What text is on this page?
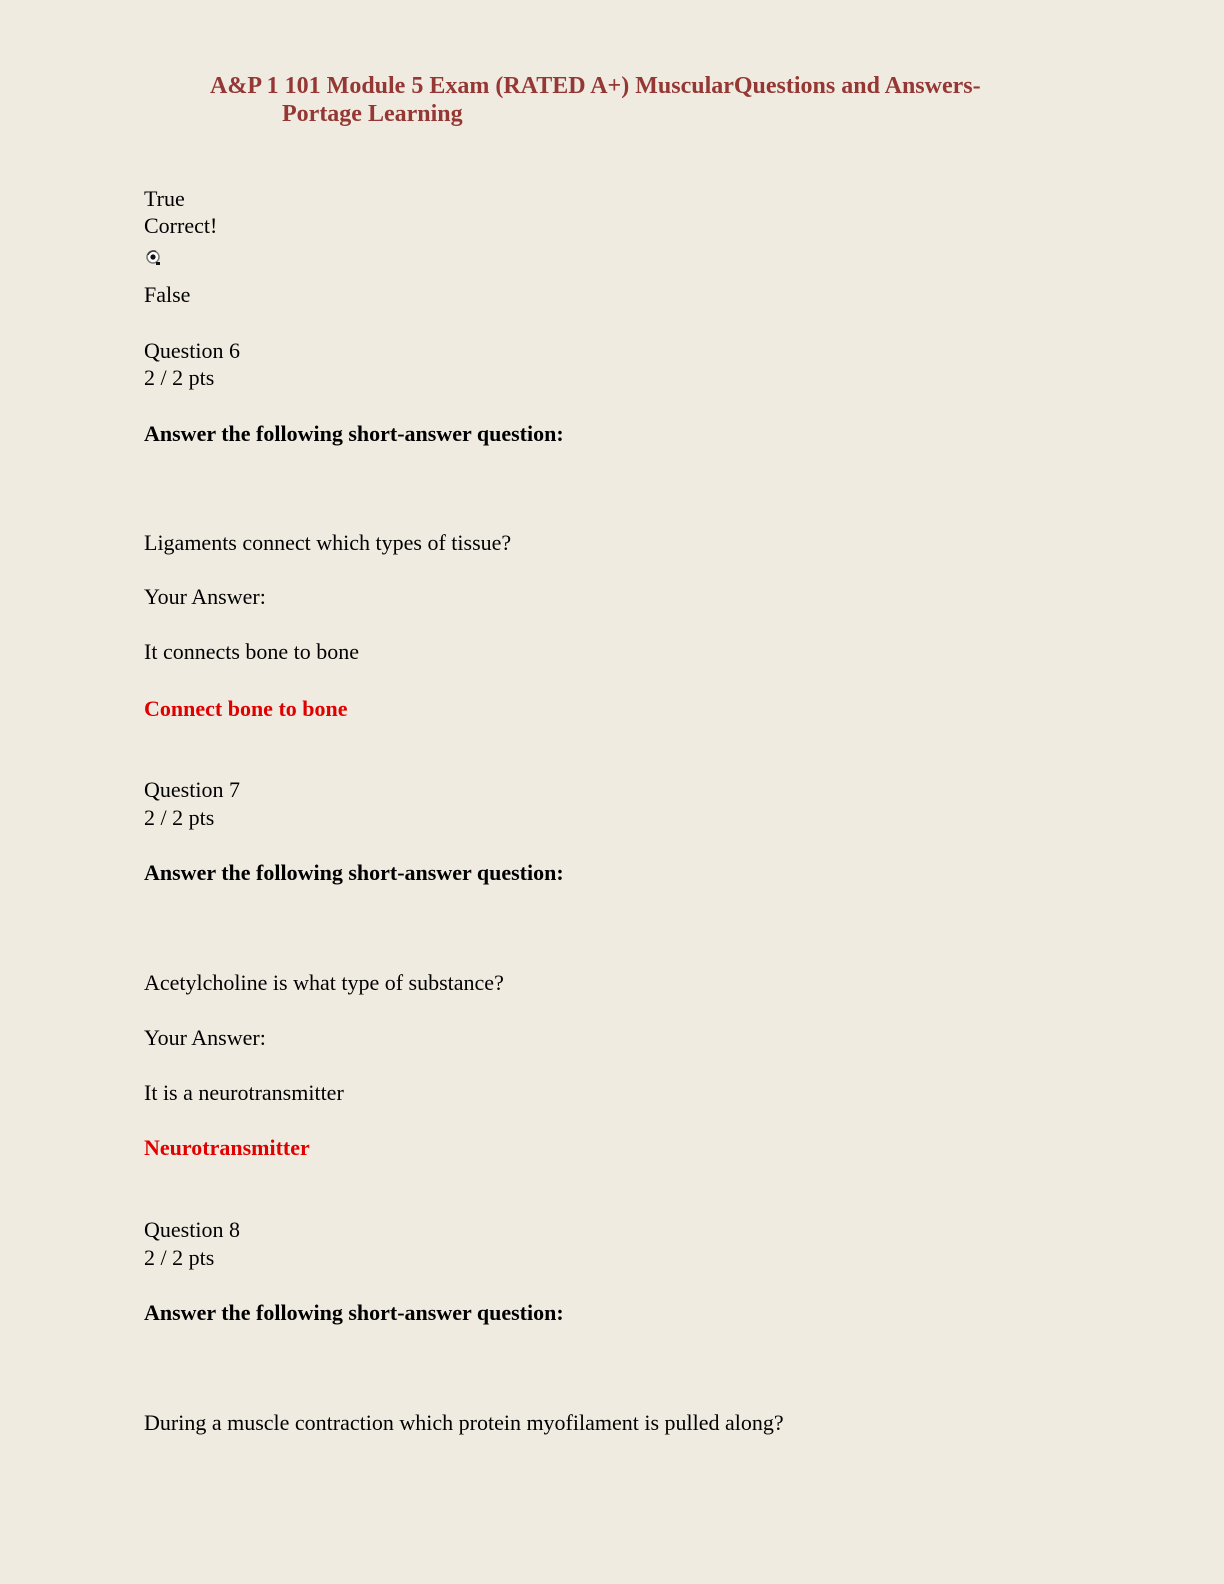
A&P 1 101 Module 5 Exam (RATED A+) MuscularQuestions and Answers-
Portage Learning
True
Correct!
False
Question 6
2 / 2 pts
Answer the following short-answer question:
Ligaments connect which types of tissue?
Your Answer:
It connects bone to bone
Connect bone to bone
Question 7
2 / 2 pts
Answer the following short-answer question:
Acetylcholine is what type of substance?
Your Answer:
It is a neurotransmitter
Neurotransmitter
Question 8
2 / 2 pts
Answer the following short-answer question:
During a muscle contraction which protein myofilament is pulled along?
